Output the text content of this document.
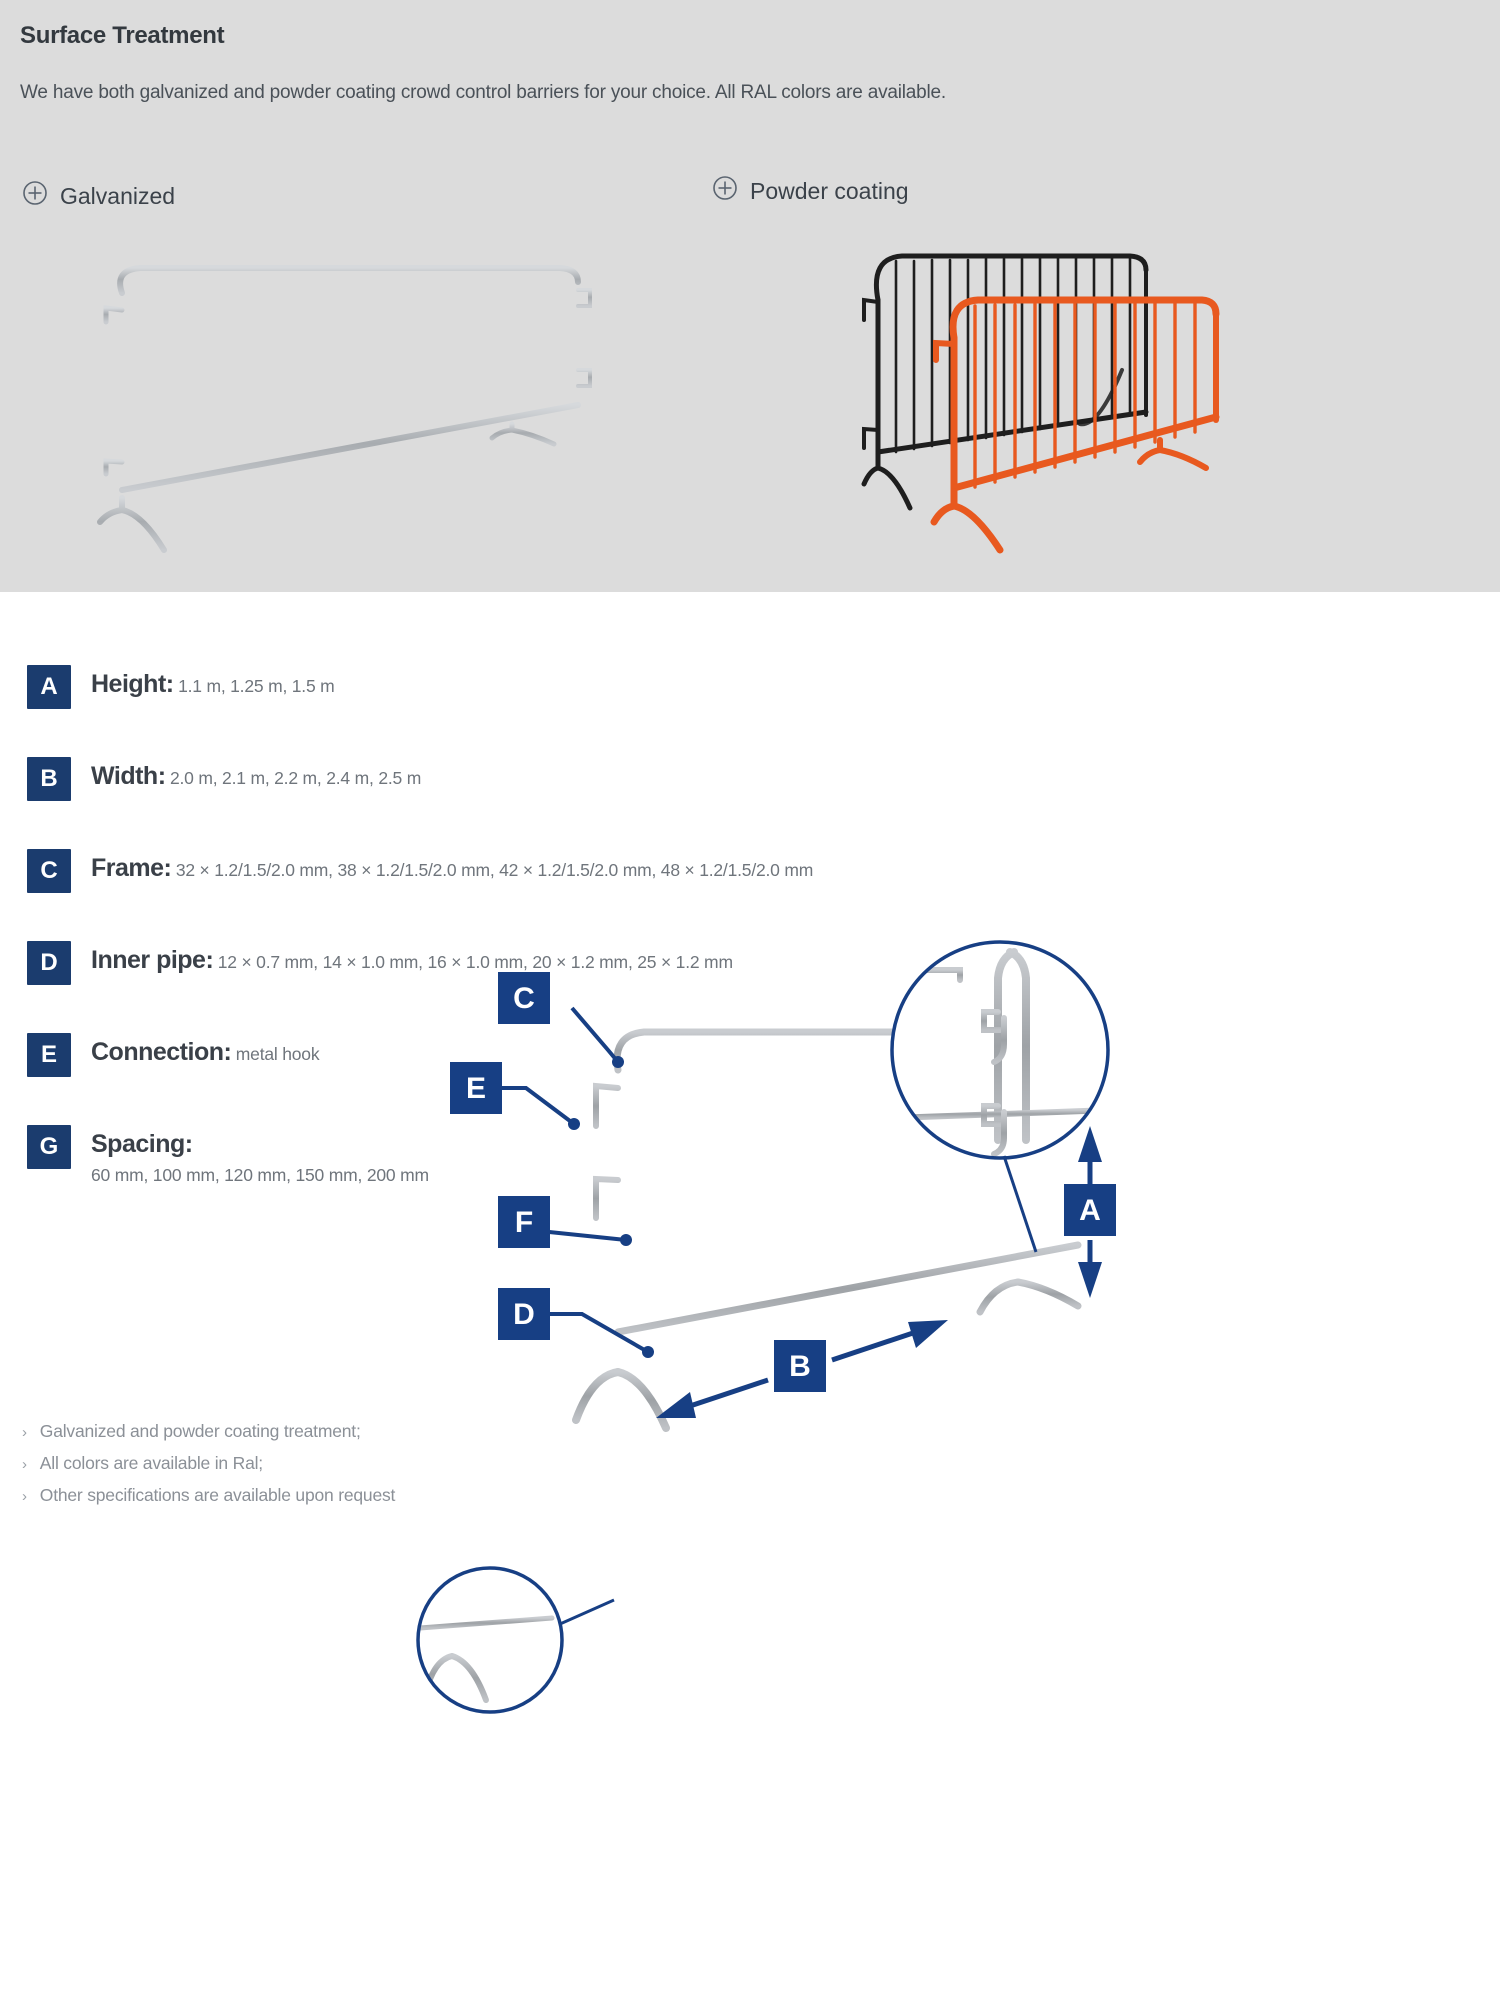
Surface Treatment
We have both galvanized and powder coating crowd control barriers for your choice. All RAL colors are available.
Galvanized	Powder coating
A	Height: 1.1 m, 1.25 m, 1.5 m
B	Width: 2.0 m, 2.1 m, 2.2 m, 2.4 m, 2.5 m
C	Frame: 32 × 1.2/1.5/2.0 mm, 38 × 1.2/1.5/2.0 mm, 42 × 1.2/1.5/2.0 mm, 48 × 1.2/1.5/2.0 mm
D	Inner pipe: 12 × 0.7 mm, 14 × 1.0 mm, 16 × 1.0 mm, 20 × 1.2 mm, 25 × 1.2 mm
E	Connection: metal hook
G	Spacing:
60 mm, 100 mm, 120 mm, 150 mm, 200 mm
› Galvanized and powder coating treatment;
› All colors are available in Ral;
› Other specifications are available upon request
C
E
F
D
A
B
